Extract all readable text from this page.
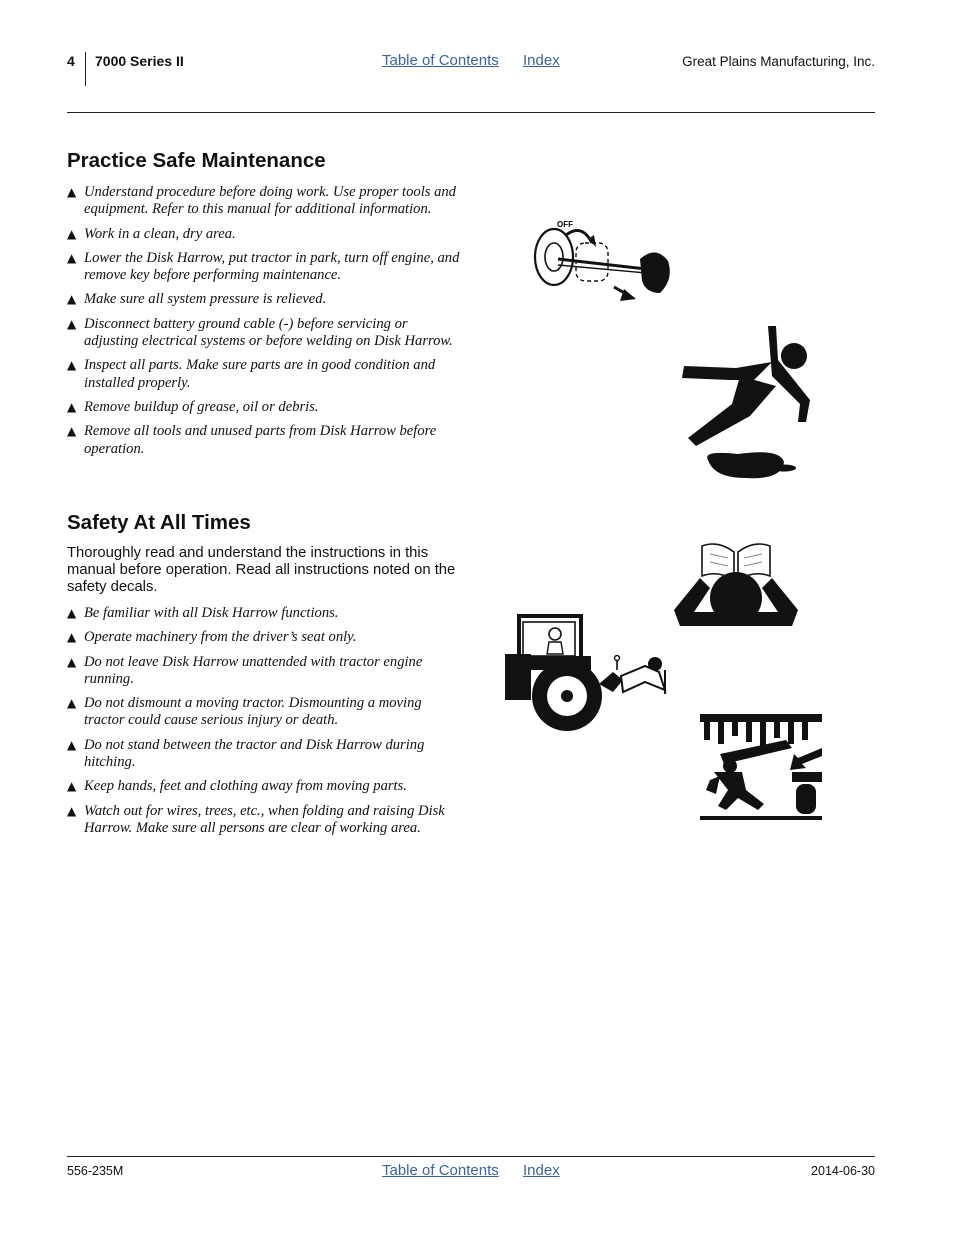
4 7000 Series II	Table of Contents Index	Great Plains Manufacturing, Inc.
Practice Safe Maintenance
▲ Understand procedure before doing work. Use proper tools and equipment. Refer to this manual for additional information.
▲ Work in a clean, dry area.
▲ Lower the Disk Harrow, put tractor in park, turn off engine, and remove key before performing maintenance.
▲ Make sure all system pressure is relieved.
▲ Disconnect battery ground cable (-) before servicing or adjusting electrical systems or before welding on Disk Harrow.
▲ Inspect all parts. Make sure parts are in good condition and installed properly.
▲ Remove buildup of grease, oil or debris.
▲ Remove all tools and unused parts from Disk Harrow before operation.
Safety At All Times

Thoroughly read and understand the instructions in this manual before operation. Read all instructions noted on the safety decals.

▲ Be familiar with all Disk Harrow functions.
▲ Operate machinery from the driver’s seat only.
▲ Do not leave Disk Harrow unattended with tractor engine running.
▲ Do not dismount a moving tractor. Dismounting a moving tractor could cause serious injury or death.
▲ Do not stand between the tractor and Disk Harrow during hitching.
▲ Keep hands, feet and clothing away from moving parts.
▲ Watch out for wires, trees, etc., when folding and raising Disk Harrow. Make sure all persons are clear of working area.
OFF
556-235M	Table of Contents Index	2014-06-30
